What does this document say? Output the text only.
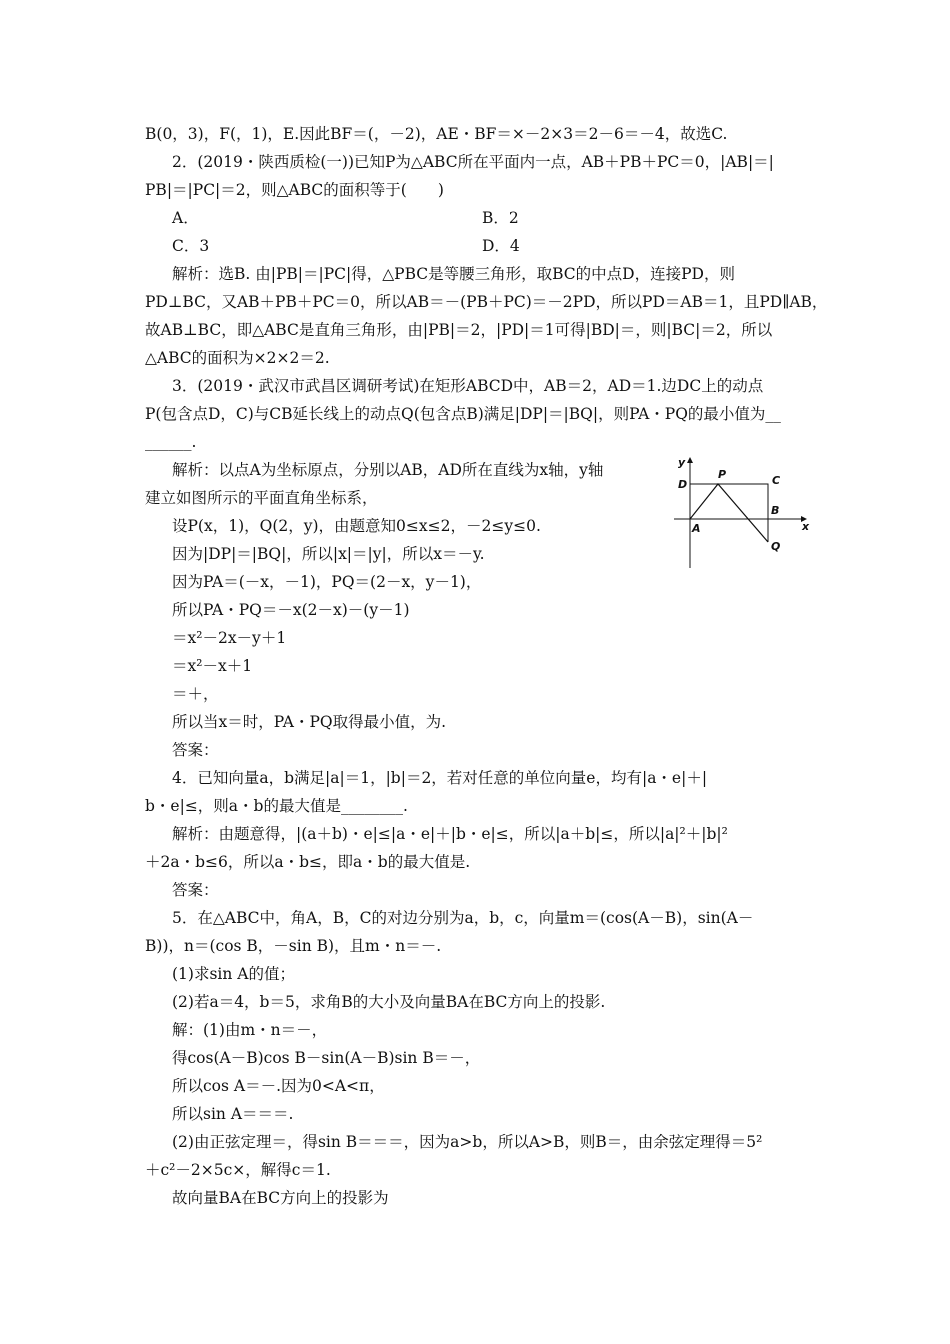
B(0，3)，F(，1)，E.因此BF＝(，－2)，AE・BF＝×－2×3＝2－6＝－4，故选C.
2．(2019・陕西质检(一))已知P为△ABC所在平面内一点，AB＋PB＋PC＝0，|AB|＝|
PB|＝|PC|＝2，则△ABC的面积等于(　　)
A．	B．2
C．3	D．4
解析：选B. 由|PB|＝|PC|得，△PBC是等腰三角形，取BC的中点D，连接PD，则
PD⊥BC，又AB＋PB＋PC＝0，所以AB＝－(PB＋PC)＝－2PD，所以PD＝AB＝1，且PD∥AB，
故AB⊥BC，即△ABC是直角三角形，由|PB|＝2，|PD|＝1可得|BD|＝，则|BC|＝2，所以
△ABC的面积为×2×2＝2.
3．(2019・武汉市武昌区调研考试)在矩形ABCD中，AB＝2，AD＝1.边DC上的动点
P(包含点D，C)与CB延长线上的动点Q(包含点B)满足|DP|＝|BQ|，则PA・PQ的最小值为__
______.
解析：以点A为坐标原点，分别以AB，AD所在直线为x轴，y轴
建立如图所示的平面直角坐标系，
设P(x，1)，Q(2，y)，由题意知0≤x≤2，－2≤y≤0.
因为|DP|＝|BQ|，所以|x|＝|y|，所以x＝－y.
因为PA＝(－x，－1)，PQ＝(2－x，y－1)，
所以PA・PQ＝－x(2－x)－(y－1)
＝x²－2x－y＋1
＝x²－x＋1
＝＋，
所以当x＝时，PA・PQ取得最小值，为.
答案：
4．已知向量a，b满足|a|＝1，|b|＝2，若对任意的单位向量e，均有|a・e|＋|
b・e|≤，则a・b的最大值是________.
解析：由题意得，|(a＋b)・e|≤|a・e|＋|b・e|≤，所以|a＋b|≤，所以|a|²＋|b|²
＋2a・b≤6，所以a・b≤，即a・b的最大值是.
答案：
5．在△ABC中，角A，B，C的对边分别为a，b，c，向量m＝(cos(A－B)，sin(A－
B))，n＝(cos B，－sin B)，且m・n＝－.
(1)求sin A的值；
(2)若a＝4，b＝5，求角B的大小及向量BA在BC方向上的投影.
解：(1)由m・n＝－，
得cos(A－B)cos B－sin(A－B)sin B＝－，
所以cos A＝－.因为0<A<π，
所以sin A＝＝＝.
(2)由正弦定理＝，得sin B＝＝＝，因为a>b，所以A>B，则B＝，由余弦定理得＝5²
＋c²－2×5c×，解得c＝1.
故向量BA在BC方向上的投影为
y
x
D
P	C
A
B
Q
